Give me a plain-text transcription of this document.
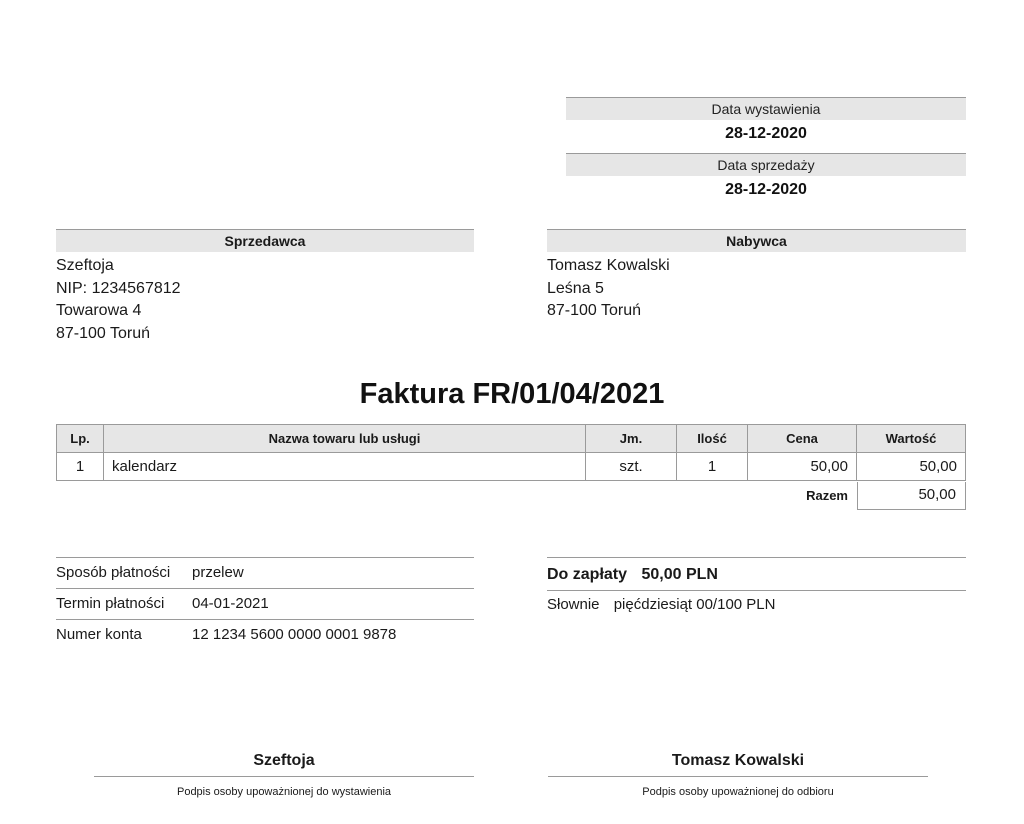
Data wystawienia
28-12-2020
Data sprzedaży
28-12-2020
Sprzedawca
Szeftoja
NIP: 1234567812
Towarowa 4
87-100 Toruń
Nabywca
Tomasz Kowalski
Leśna 5
87-100 Toruń
Faktura FR/01/04/2021
Lp.	Nazwa towaru lub usługi	Jm.	Ilość	Cena	Wartość
1	kalendarz	szt.	1	50,00	50,00
Razem	50,00
Sposób płatności przelew
Termin płatności 04-01-2021
Numer konta	12 1234 5600 0000 0001 9878
Do zapłaty 50,00 PLN
Słownie pięćdziesiąt 00/100 PLN
Szeftoja
Podpis osoby upoważnionej do wystawienia
Tomasz Kowalski
Podpis osoby upoważnionej do odbioru
